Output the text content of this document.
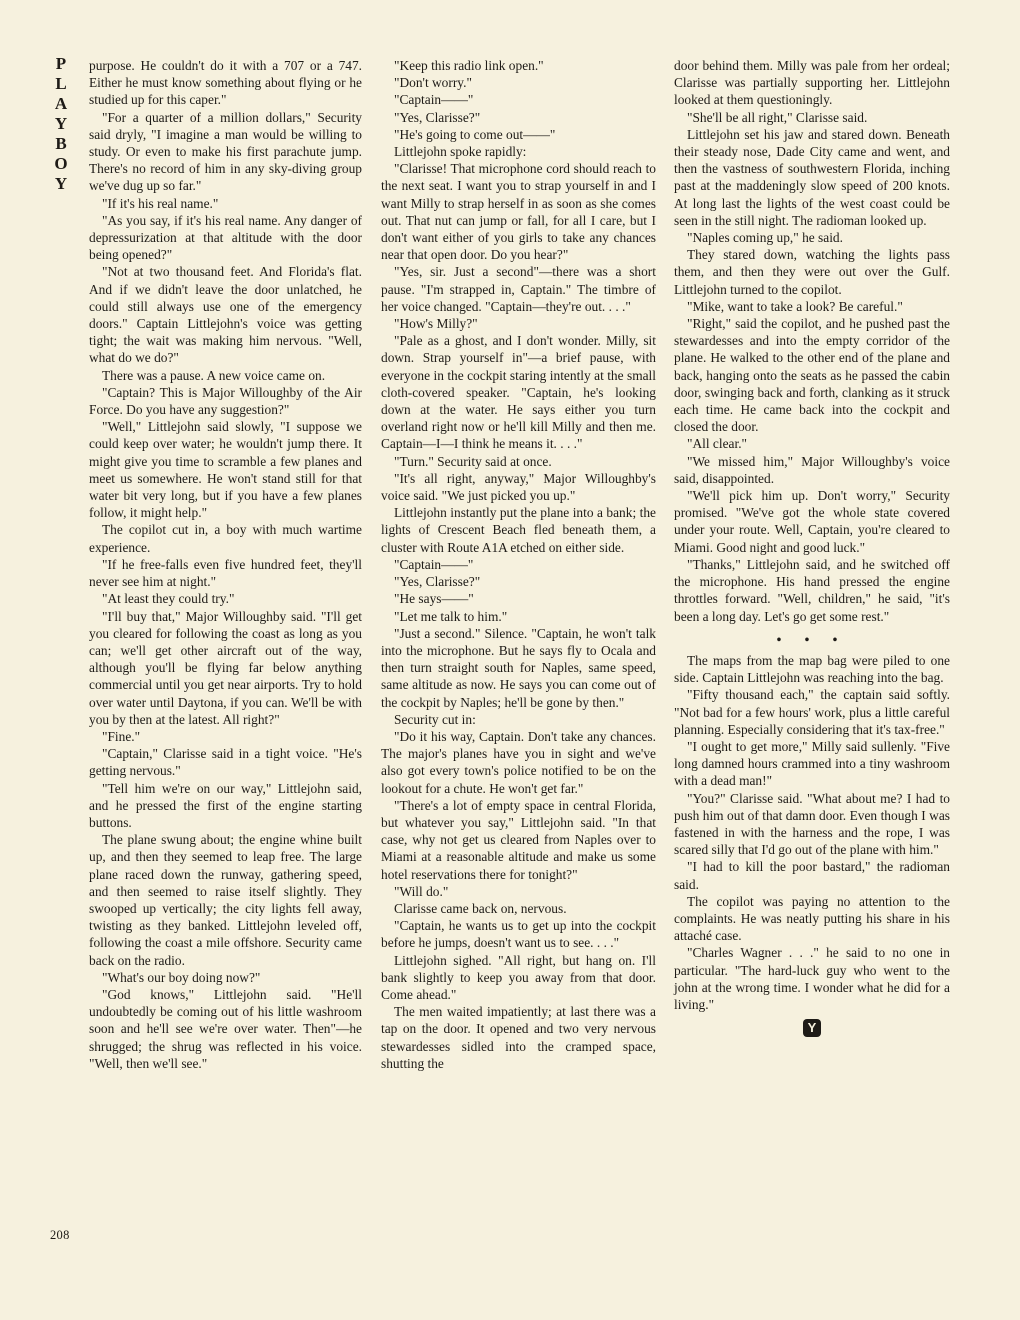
P
L
A
Y
B
O
Y

purpose. He couldn't do it with a 707 or a 747. Either he must know something about flying or he studied up for this caper."

"For a quarter of a million dollars," Security said dryly, "I imagine a man would be willing to study. Or even to make his first parachute jump. There's no record of him in any sky-diving group we've dug up so far."

"If it's his real name."

"As you say, if it's his real name. Any danger of depressurization at that altitude with the door being opened?"

"Not at two thousand feet. And Florida's flat. And if we didn't leave the door unlatched, he could still always use one of the emergency doors." Captain Littlejohn's voice was getting tight; the wait was making him nervous. "Well, what do we do?"

There was a pause. A new voice came on.

"Captain? This is Major Willoughby of the Air Force. Do you have any suggestion?"

"Well," Littlejohn said slowly, "I suppose we could keep over water; he wouldn't jump there. It might give you time to scramble a few planes and meet us somewhere. He won't stand still for that water bit very long, but if you have a few planes follow, it might help."

The copilot cut in, a boy with much wartime experience.

"If he free-falls even five hundred feet, they'll never see him at night."

"At least they could try."

"I'll buy that," Major Willoughby said. "I'll get you cleared for following the coast as long as you can; we'll get other aircraft out of the way, although you'll be flying far below anything commercial until you get near airports. Try to hold over water until Daytona, if you can. We'll be with you by then at the latest. All right?"

"Fine."

"Captain," Clarisse said in a tight voice. "He's getting nervous."

"Tell him we're on our way," Littlejohn said, and he pressed the first of the engine starting buttons.

The plane swung about; the engine whine built up, and then they seemed to leap free. The large plane raced down the runway, gathering speed, and then seemed to raise itself slightly. They swooped up vertically; the city lights fell away, twisting as they banked. Littlejohn leveled off, following the coast a mile offshore. Security came back on the radio.

"What's our boy doing now?"

"God knows," Littlejohn said. "He'll undoubtedly be coming out of his little washroom soon and he'll see we're over water. Then"—he shrugged; the shrug was reflected in his voice. "Well, then we'll see."

"Keep this radio link open."

"Don't worry."

"Captain——"

"Yes, Clarisse?"

"He's going to come out——"

Littlejohn spoke rapidly:

"Clarisse! That microphone cord should reach to the next seat. I want you to strap yourself in and I want Milly to strap herself in as soon as she comes out. That nut can jump or fall, for all I care, but I don't want either of you girls to take any chances near that open door. Do you hear?"

"Yes, sir. Just a second"—there was a short pause. "I'm strapped in, Captain." The timbre of her voice changed. "Captain—they're out. . . ."

"How's Milly?"

"Pale as a ghost, and I don't wonder. Milly, sit down. Strap yourself in"—a brief pause, with everyone in the cockpit staring intently at the small cloth-covered speaker. "Captain, he's looking down at the water. He says either you turn overland right now or he'll kill Milly and then me. Captain—I—I think he means it. . . ."

"Turn." Security said at once.

"It's all right, anyway," Major Willoughby's voice said. "We just picked you up."

Littlejohn instantly put the plane into a bank; the lights of Crescent Beach fled beneath them, a cluster with Route A1A etched on either side.

"Captain——"

"Yes, Clarisse?"

"He says——"

"Let me talk to him."

"Just a second." Silence. "Captain, he won't talk into the microphone. But he says fly to Ocala and then turn straight south for Naples, same speed, same altitude as now. He says you can come out of the cockpit by Naples; he'll be gone by then."

Security cut in:

"Do it his way, Captain. Don't take any chances. The major's planes have you in sight and we've also got every town's police notified to be on the lookout for a chute. He won't get far."

"There's a lot of empty space in central Florida, but whatever you say," Littlejohn said. "In that case, why not get us cleared from Naples over to Miami at a reasonable altitude and make us some hotel reservations there for tonight?"

"Will do."

Clarisse came back on, nervous.

"Captain, he wants us to get up into the cockpit before he jumps, doesn't want us to see. . . ."

Littlejohn sighed. "All right, but hang on. I'll bank slightly to keep you away from that door. Come ahead."

The men waited impatiently; at last there was a tap on the door. It opened and two very nervous stewardesses sidled into the cramped space, shutting the

door behind them. Milly was pale from her ordeal; Clarisse was partially supporting her. Littlejohn looked at them questioningly.

"She'll be all right," Clarisse said.

Littlejohn set his jaw and stared down. Beneath their steady nose, Dade City came and went, and then the vastness of southwestern Florida, inching past at the maddeningly slow speed of 200 knots. At long last the lights of the west coast could be seen in the still night. The radioman looked up.

"Naples coming up," he said.

They stared down, watching the lights pass them, and then they were out over the Gulf. Littlejohn turned to the copilot.

"Mike, want to take a look? Be careful."

"Right," said the copilot, and he pushed past the stewardesses and into the empty corridor of the plane. He walked to the other end of the plane and back, hanging onto the seats as he passed the cabin door, swinging back and forth, clanking as it struck each time. He came back into the cockpit and closed the door.

"All clear."

"We missed him," Major Willoughby's voice said, disappointed.

"We'll pick him up. Don't worry," Security promised. "We've got the whole state covered under your route. Well, Captain, you're cleared to Miami. Good night and good luck."

"Thanks," Littlejohn said, and he switched off the microphone. His hand pressed the engine throttles forward. "Well, children," he said, "it's been a long day. Let's go get some rest."

• • •

The maps from the map bag were piled to one side. Captain Littlejohn was reaching into the bag.

"Fifty thousand each," the captain said softly. "Not bad for a few hours' work, plus a little careful planning. Especially considering that it's tax-free."

"I ought to get more," Milly said sullenly. "Five long damned hours crammed into a tiny washroom with a dead man!"

"You?" Clarisse said. "What about me? I had to push him out of that damn door. Even though I was fastened in with the harness and the rope, I was scared silly that I'd go out of the plane with him."

"I had to kill the poor bastard," the radioman said.

The copilot was paying no attention to the complaints. He was neatly putting his share in his attaché case.

"Charles Wagner . . ." he said to no one in particular. "The hard-luck guy who went to the john at the wrong time. I wonder what he did for a living."

Y
208
